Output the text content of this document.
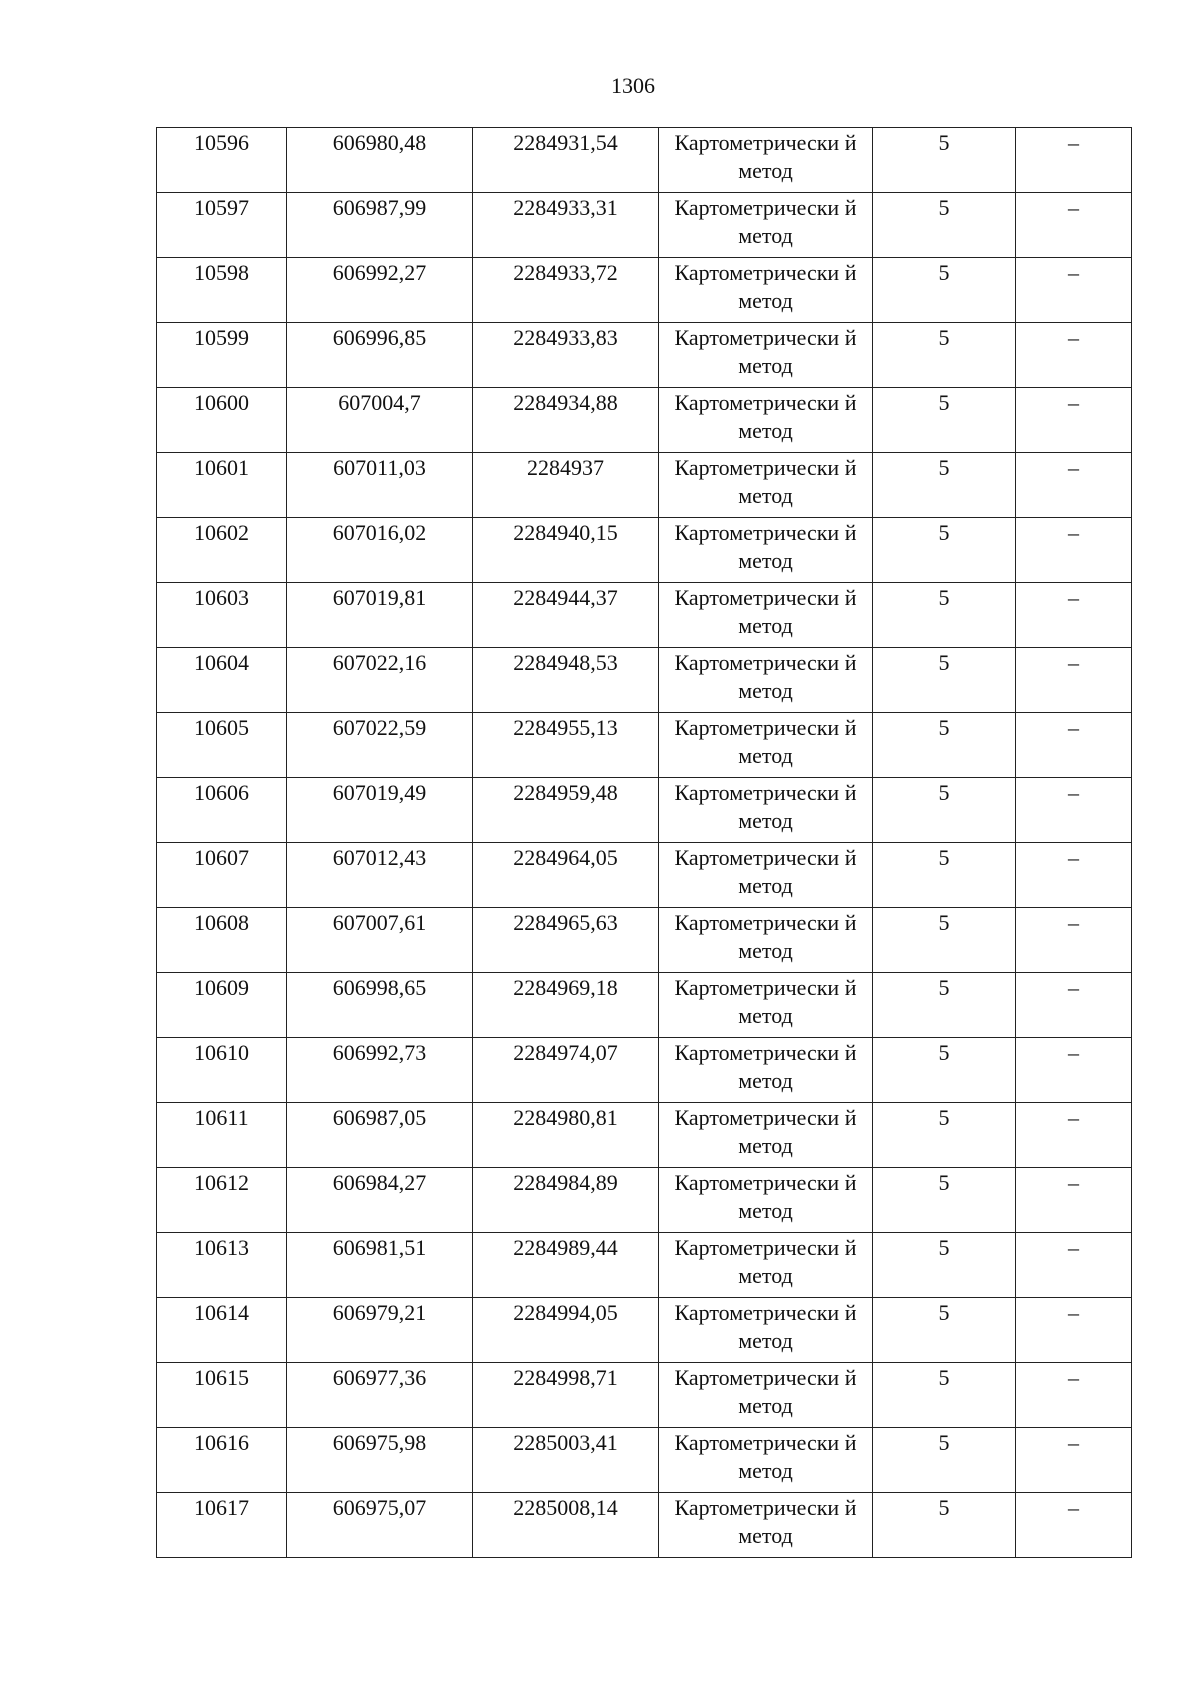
1306
10596	606980,48	2284931,54	Картометрически й метод	5	–

10597	606987,99	2284933,31	Картометрически й метод	5	–

10598	606992,27	2284933,72	Картометрически й метод	5	–

10599	606996,85	2284933,83	Картометрически й метод	5	–

10600	607004,7	2284934,88	Картометрически й метод	5	–

10601	607011,03	2284937	Картометрически й метод	5	–

10602	607016,02	2284940,15	Картометрически й метод	5	–

10603	607019,81	2284944,37	Картометрически й метод	5	–

10604	607022,16	2284948,53	Картометрически й метод	5	–

10605	607022,59	2284955,13	Картометрически й метод	5	–

10606	607019,49	2284959,48	Картометрически й метод	5	–

10607	607012,43	2284964,05	Картометрически й метод	5	–

10608	607007,61	2284965,63	Картометрически й метод	5	–

10609	606998,65	2284969,18	Картометрически й метод	5	–

10610	606992,73	2284974,07	Картометрически й метод	5	–

10611	606987,05	2284980,81	Картометрически й метод	5	–

10612	606984,27	2284984,89	Картометрически й метод	5	–

10613	606981,51	2284989,44	Картометрически й метод	5	–

10614	606979,21	2284994,05	Картометрически й метод	5	–

10615	606977,36	2284998,71	Картометрически й метод	5	–

10616	606975,98	2285003,41	Картометрически й метод	5	–

10617	606975,07	2285008,14	Картометрически й метод	5	–
